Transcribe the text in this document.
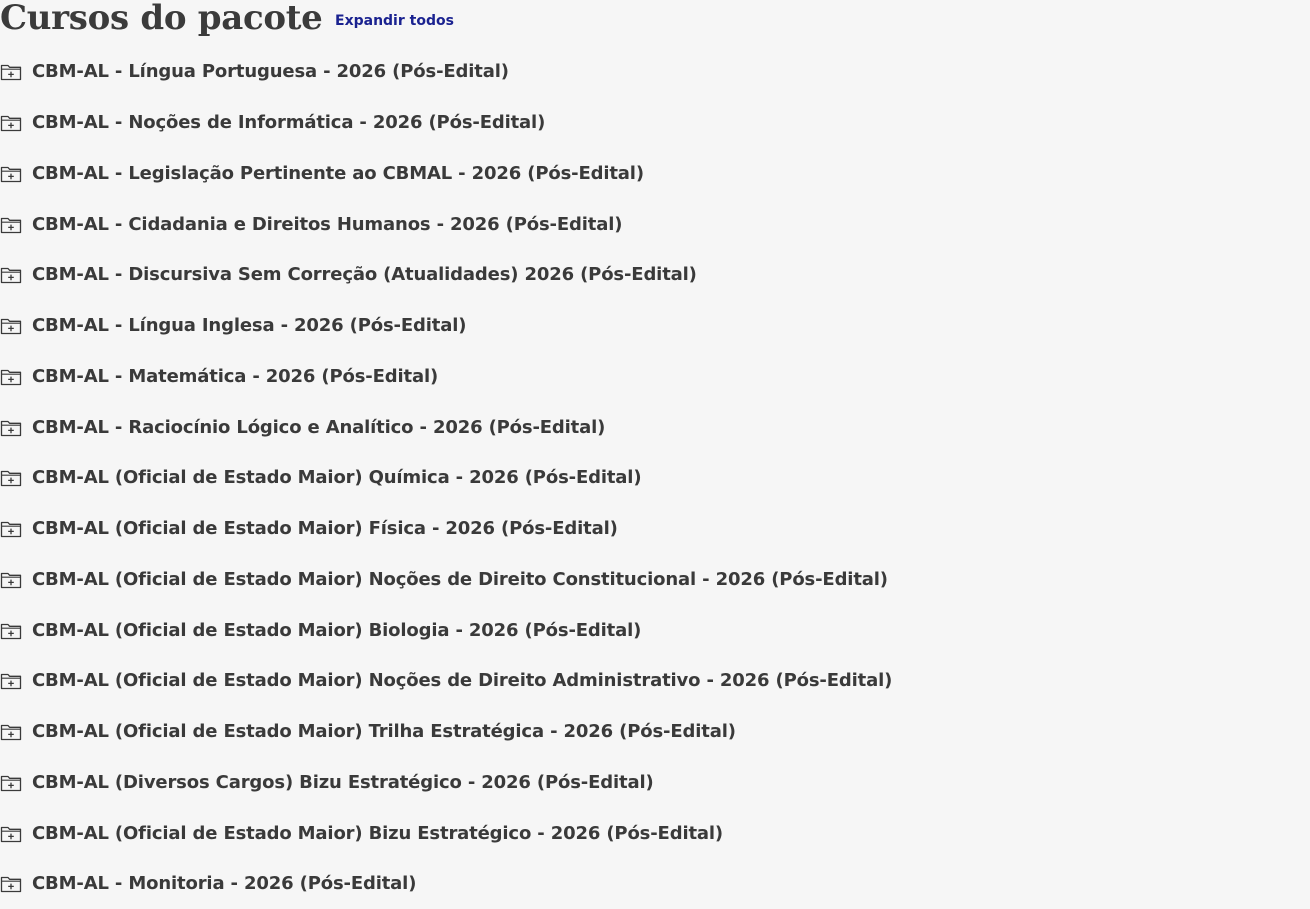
Cursos do pacote Expandir todos
CBM-AL - Língua Portuguesa - 2026 (Pós-Edital)
CBM-AL - Noções de Informática - 2026 (Pós-Edital)
CBM-AL - Legislação Pertinente ao CBMAL - 2026 (Pós-Edital)
CBM-AL - Cidadania e Direitos Humanos - 2026 (Pós-Edital)
CBM-AL - Discursiva Sem Correção (Atualidades) 2026 (Pós-Edital)
CBM-AL - Língua Inglesa - 2026 (Pós-Edital)
CBM-AL - Matemática - 2026 (Pós-Edital)
CBM-AL - Raciocínio Lógico e Analítico - 2026 (Pós-Edital)
CBM-AL (Oficial de Estado Maior) Química - 2026 (Pós-Edital)
CBM-AL (Oficial de Estado Maior) Física - 2026 (Pós-Edital)
CBM-AL (Oficial de Estado Maior) Noções de Direito Constitucional - 2026 (Pós-Edital)
CBM-AL (Oficial de Estado Maior) Biologia - 2026 (Pós-Edital)
CBM-AL (Oficial de Estado Maior) Noções de Direito Administrativo - 2026 (Pós-Edital)
CBM-AL (Oficial de Estado Maior) Trilha Estratégica - 2026 (Pós-Edital)
CBM-AL (Diversos Cargos) Bizu Estratégico - 2026 (Pós-Edital)
CBM-AL (Oficial de Estado Maior) Bizu Estratégico - 2026 (Pós-Edital)
CBM-AL - Monitoria - 2026 (Pós-Edital)
